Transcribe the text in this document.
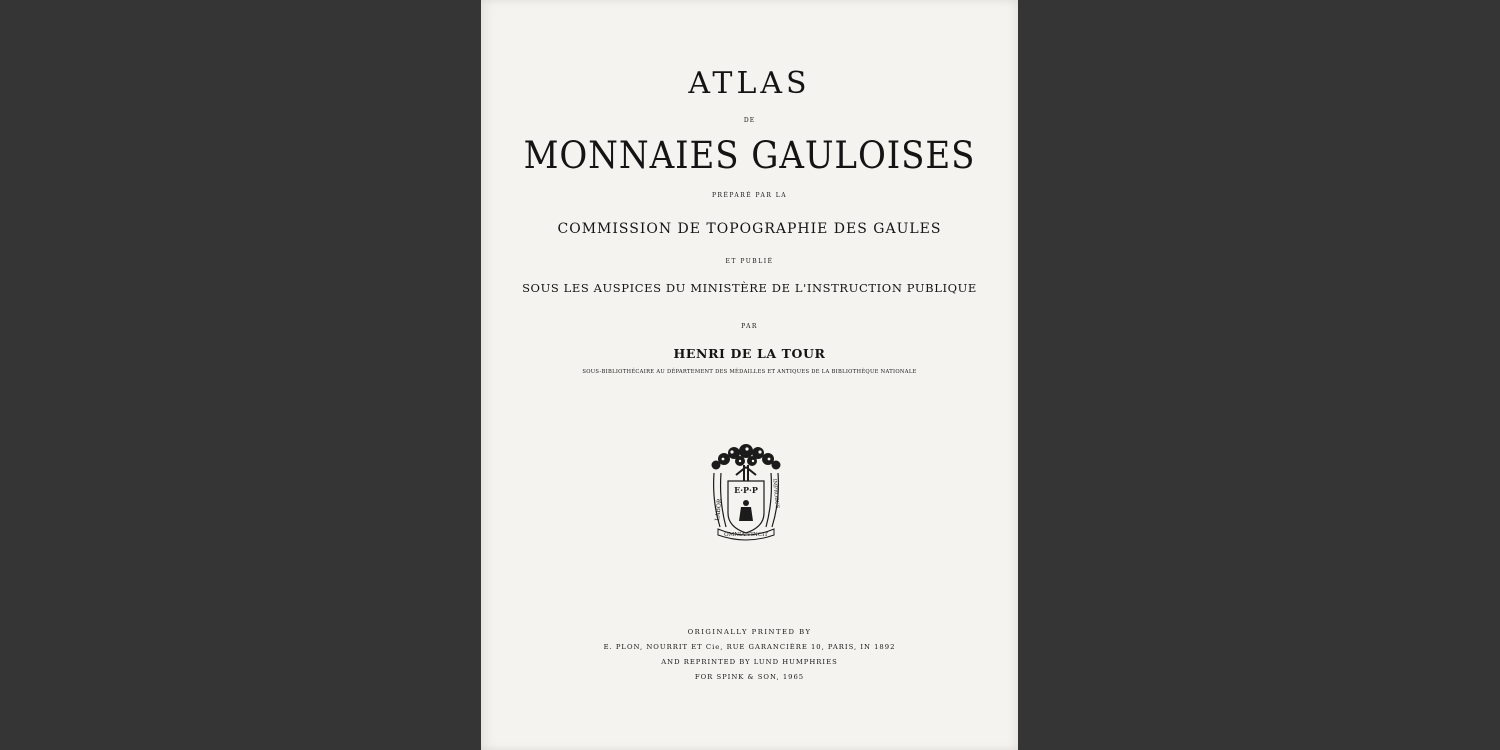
ATLAS
DE
MONNAIES GAULOISES
PRÉPARÉ PAR LA
COMMISSION DE TOPOGRAPHIE DES GAULES
ET PUBLIÉ
SOUS LES AUSPICES DU MINISTÈRE DE L'INSTRUCTION PUBLIQUE
PAR
HENRI DE LA TOUR
SOUS-BIBLIOTHÉCAIRE AU DÉPARTEMENT DES MÉDAILLES ET ANTIQUES DE LA BIBLIOTHÈQUE NATIONALE
E·P·P
LABOR
IMPROBUS
OMNIA VINCIT
ORIGINALLY PRINTED BY
E. PLON, NOURRIT ET Cie, RUE GARANCIÈRE 10, PARIS, IN 1892
AND REPRINTED BY LUND HUMPHRIES
FOR SPINK & SON, 1965
